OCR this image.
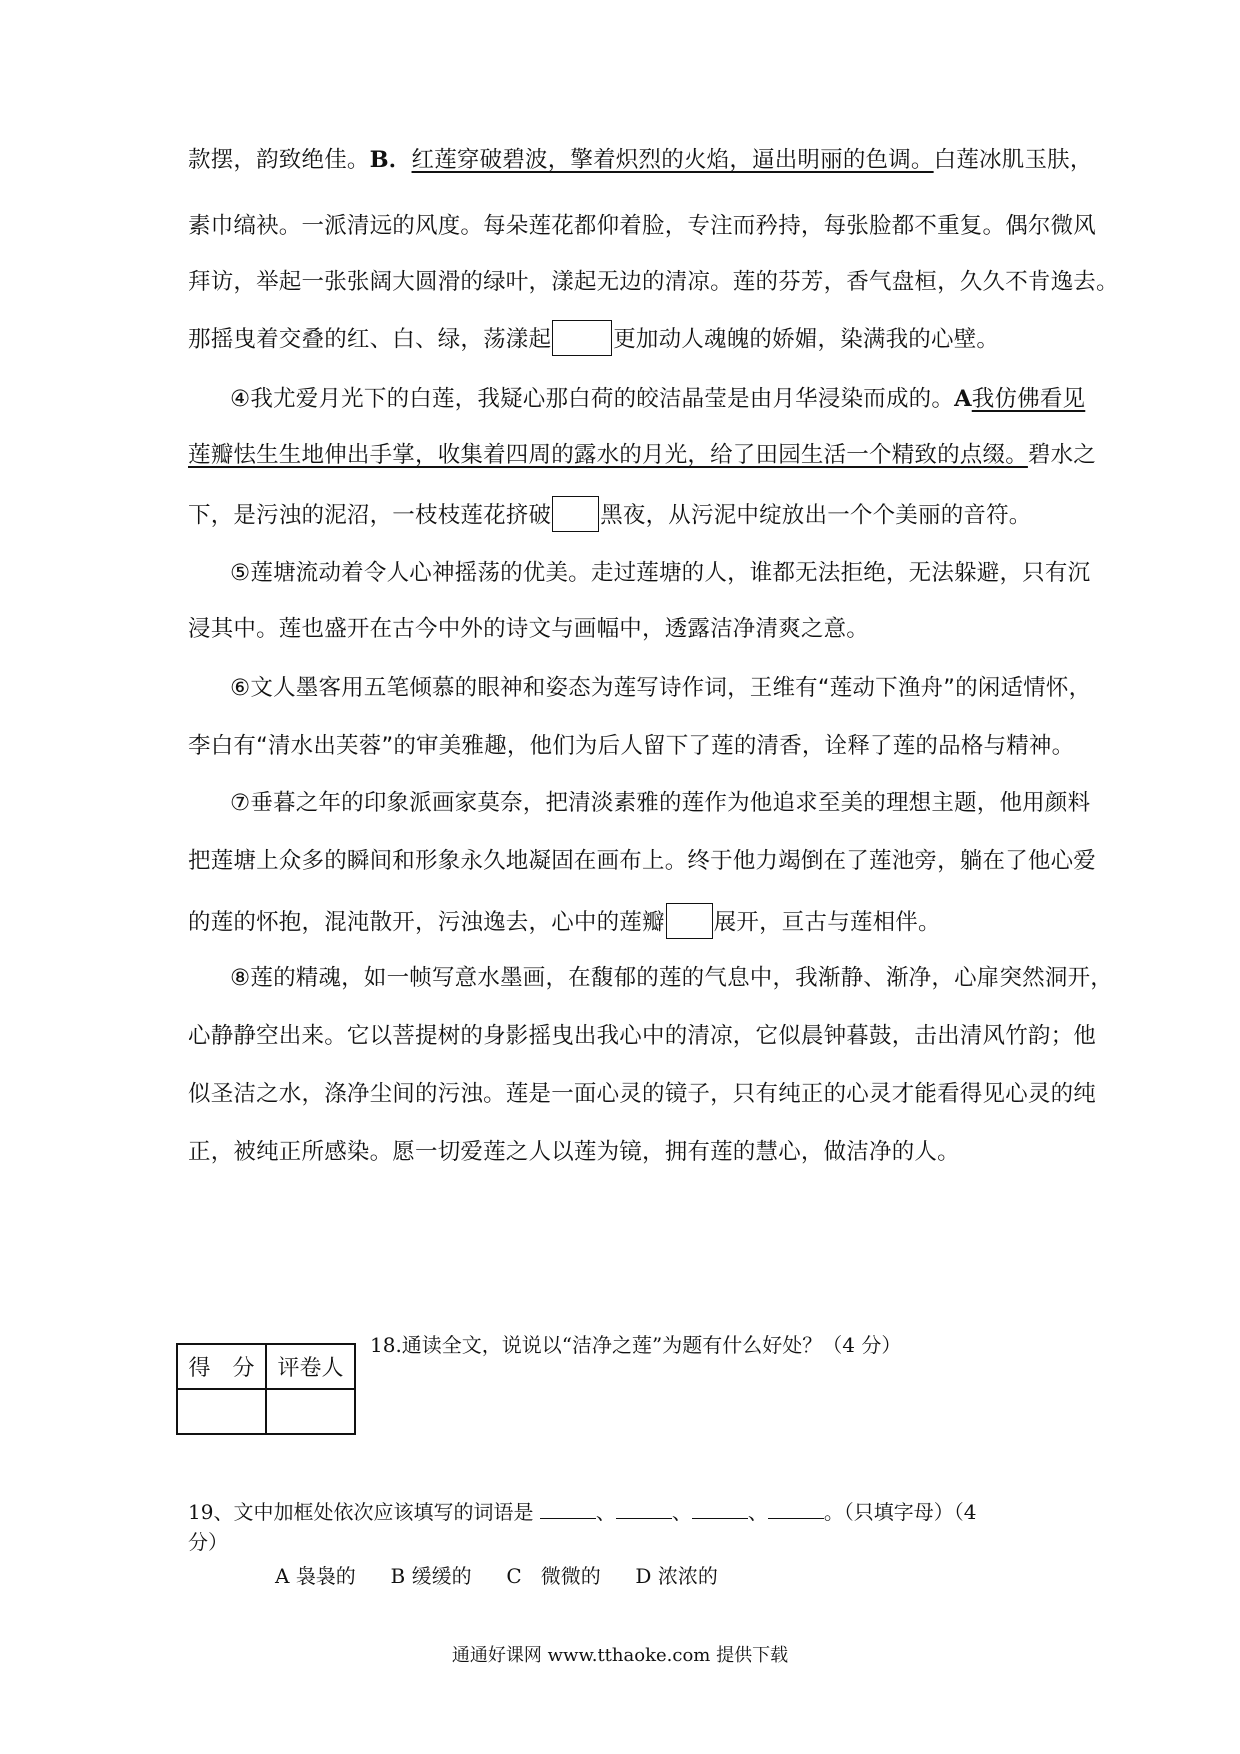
款摆，韵致绝佳。B．红莲穿破碧波，擎着炽烈的火焰，逼出明丽的色调。白莲冰肌玉肤，
素巾缟袂。一派清远的风度。每朵莲花都仰着脸，专注而矜持，每张脸都不重复。偶尔微风
拜访，举起一张张阔大圆滑的绿叶，漾起无边的清凉。莲的芬芳，香气盘桓，久久不肯逸去。
那摇曳着交叠的红、白、绿，荡漾起	更加动人魂魄的娇媚，染满我的心壁。
④我尤爱月光下的白莲，我疑心那白荷的皎洁晶莹是由月华浸染而成的。A我仿佛看见
莲瓣怯生生地伸出手掌，收集着四周的露水的月光，给了田园生活一个精致的点缀。碧水之
下，是污浊的泥沼，一枝枝莲花挤破 黑夜，从污泥中绽放出一个个美丽的音符。
⑤莲塘流动着令人心神摇荡的优美。走过莲塘的人，谁都无法拒绝，无法躲避，只有沉
浸其中。莲也盛开在古今中外的诗文与画幅中，透露洁净清爽之意。
⑥文人墨客用五笔倾慕的眼神和姿态为莲写诗作词，王维有“莲动下渔舟”的闲适情怀，
李白有“清水出芙蓉”的审美雅趣，他们为后人留下了莲的清香，诠释了莲的品格与精神。
⑦垂暮之年的印象派画家莫奈，把清淡素雅的莲作为他追求至美的理想主题，他用颜料
把莲塘上众多的瞬间和形象永久地凝固在画布上。终于他力竭倒在了莲池旁，躺在了他心爱
的莲的怀抱，混沌散开，污浊逸去，心中的莲瓣 展开，亘古与莲相伴。
⑧莲的精魂，如一帧写意水墨画，在馥郁的莲的气息中，我渐静、渐净，心扉突然洞开，
心静静空出来。它以菩提树的身影摇曳出我心中的清凉，它似晨钟暮鼓，击出清风竹韵；他
似圣洁之水，涤净尘间的污浊。莲是一面心灵的镜子，只有纯正的心灵才能看得见心灵的纯
正，被纯正所感染。愿一切爱莲之人以莲为镜，拥有莲的慧心，做洁净的人。
得　分	评卷人

18.通读全文，说说以“洁净之莲”为题有什么好处？（4 分）
19、文中加框处依次应该填写的词语是	、	、	、	。（只填字母）（4
分）
A 袅袅的 B 缓缓的 C 微微的 D 浓浓的
通通好课网 www.tthaoke.com 提供下载
